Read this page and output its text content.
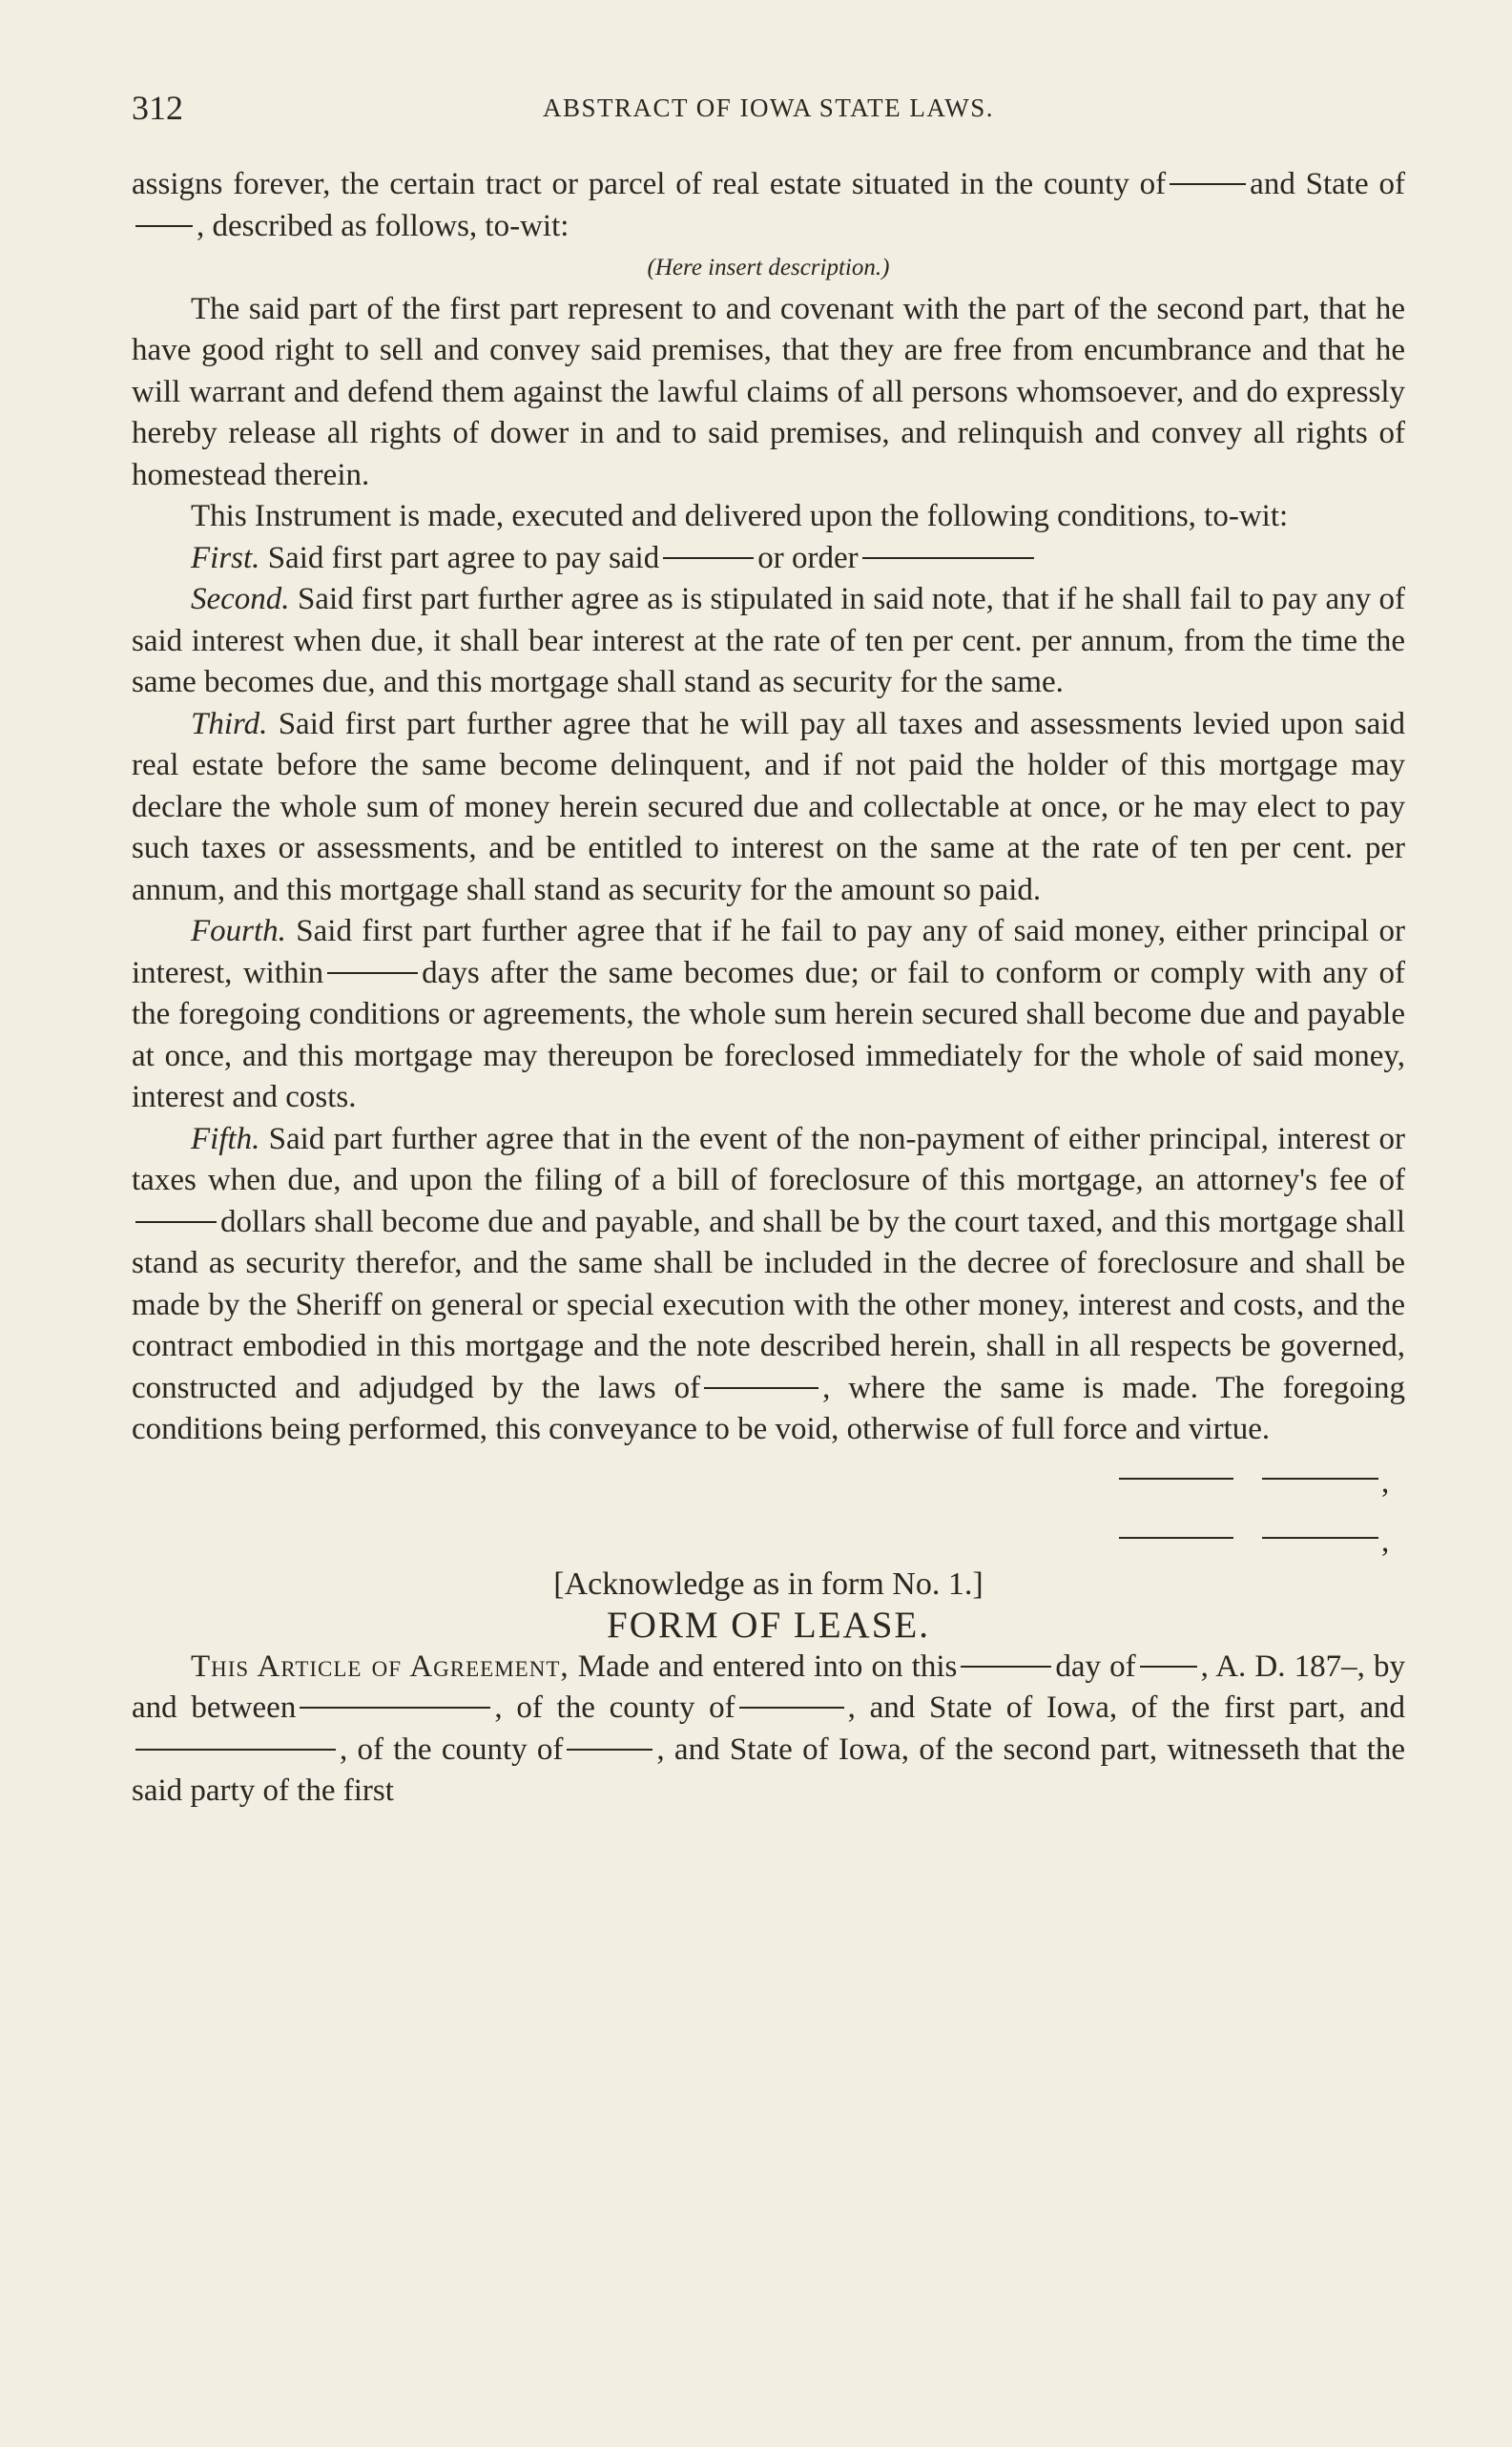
312	ABSTRACT OF IOWA STATE LAWS.

assigns forever, the certain tract or parcel of real estate situated in the county of	and State of, described as follows, to-wit:

(Here insert description.)

The said part of the first part represent to and covenant with the part of the second part, that he have good right to sell and convey said premises, that they are free from encumbrance and that he will warrant and defend them against the lawful claims of all persons whomsoever, and do expressly hereby release all rights of dower in and to said premises, and relinquish and convey all rights of homestead therein.

This Instrument is made, executed and delivered upon the following conditions, to-wit:

First. Said first part agree to pay said	or order

Second. Said first part further agree as is stipulated in said note, that if he shall fail to pay any of said interest when due, it shall bear interest at the rate of ten per cent. per annum, from the time the same becomes due, and this mortgage shall stand as security for the same.

Third. Said first part further agree that he will pay all taxes and assessments levied upon said real estate before the same become delinquent, and if not paid the holder of this mortgage may declare the whole sum of money herein secured due and collectable at once, or he may elect to pay such taxes or assessments, and be entitled to interest on the same at the rate of ten per cent. per annum, and this mortgage shall stand as security for the amount so paid.

Fourth. Said first part further agree that if he fail to pay any of said money, either principal or interest, within	days after the same becomes due; or fail to conform or comply with any of the foregoing conditions or agreements, the whole sum herein secured shall become due and payable at once, and this mortgage may thereupon be foreclosed immediately for the whole of said money, interest and costs.

Fifth. Said part further agree that in the event of the non-payment of either principal, interest or taxes when due, and upon the filing of a bill of foreclosure of this mortgage, an attorney's fee ofdollars shall become due and payable, and shall be by the court taxed, and this mortgage shall stand as security therefor, and the same shall be included in the decree of foreclosure and shall be made by the Sheriff on general or special execution with the other money, interest and costs, and the contract embodied in this mortgage and the note described herein, shall in all respects be governed, constructed and adjudged by the laws of	, where the same is made. The foregoing conditions being performed, this conveyance to be void, otherwise of full force and virtue.

,
,

[Acknowledge as in form No. 1.]

FORM OF LEASE.

This Article of Agreement, Made and entered into on this	day of , A. D. 187–, by and between	, of the county of	, and State of Iowa, of the first part, and, of the county of	, and State of Iowa, of the second part, witnesseth that the said party of the first
